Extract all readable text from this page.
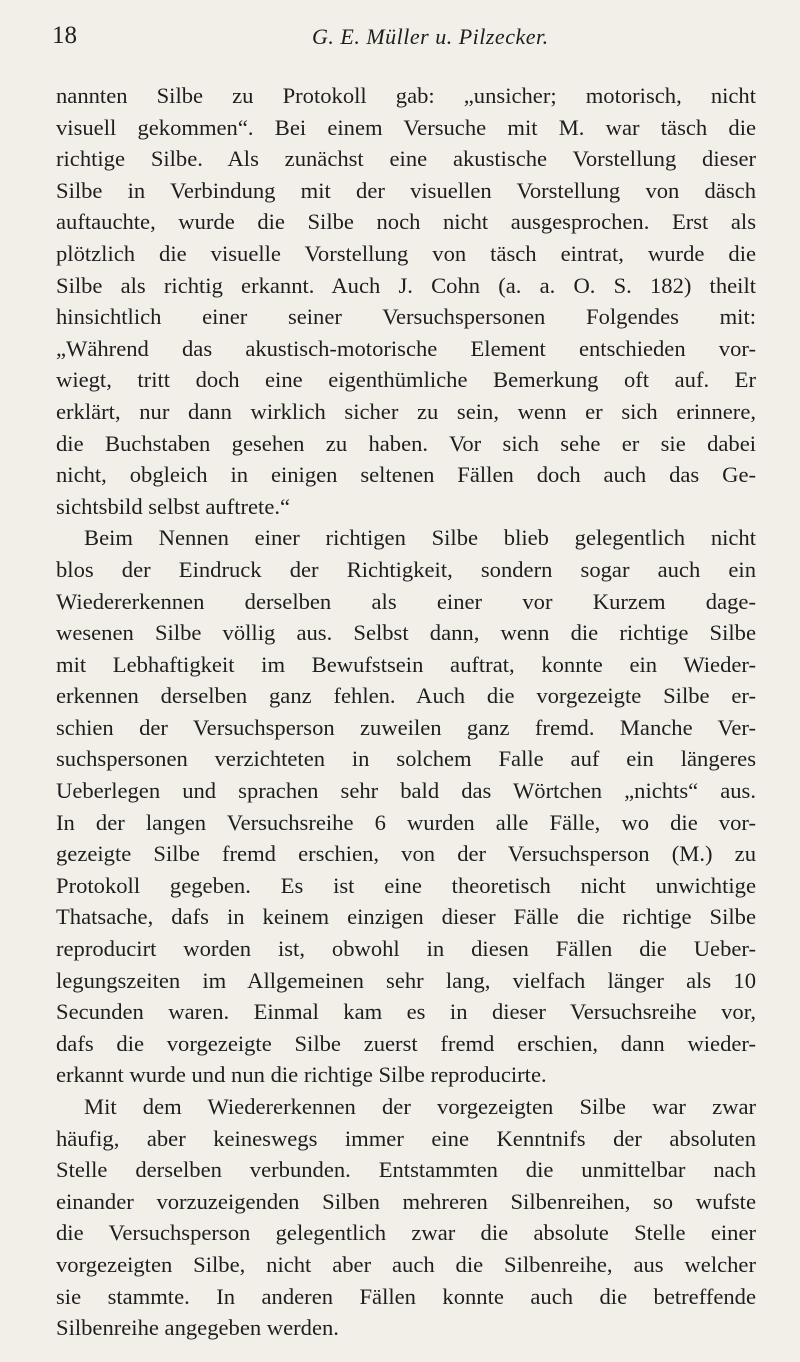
18	G. E. Müller u. Pilzecker.
nannten Silbe zu Protokoll gab: „unsicher; motorisch, nicht
visuell gekommen“. Bei einem Versuche mit M. war täsch die
richtige Silbe. Als zunächst eine akustische Vorstellung dieser
Silbe in Verbindung mit der visuellen Vorstellung von däsch
auftauchte, wurde die Silbe noch nicht ausgesprochen. Erst als
plötzlich die visuelle Vorstellung von täsch eintrat, wurde die
Silbe als richtig erkannt. Auch J. Cohn (a. a. O. S. 182) theilt
hinsichtlich einer seiner Versuchspersonen Folgendes mit:
„Während das akustisch-motorische Element entschieden vor-
wiegt, tritt doch eine eigenthümliche Bemerkung oft auf. Er
erklärt, nur dann wirklich sicher zu sein, wenn er sich erinnere,
die Buchstaben gesehen zu haben. Vor sich sehe er sie dabei
nicht, obgleich in einigen seltenen Fällen doch auch das Ge-
sichtsbild selbst auftrete.“
Beim Nennen einer richtigen Silbe blieb gelegentlich nicht
blos der Eindruck der Richtigkeit, sondern sogar auch ein
Wiedererkennen derselben als einer vor Kurzem dage-
wesenen Silbe völlig aus. Selbst dann, wenn die richtige Silbe
mit Lebhaftigkeit im Bewufstsein auftrat, konnte ein Wieder-
erkennen derselben ganz fehlen. Auch die vorgezeigte Silbe er-
schien der Versuchsperson zuweilen ganz fremd. Manche Ver-
suchspersonen verzichteten in solchem Falle auf ein längeres
Ueberlegen und sprachen sehr bald das Wörtchen „nichts“ aus.
In der langen Versuchsreihe 6 wurden alle Fälle, wo die vor-
gezeigte Silbe fremd erschien, von der Versuchsperson (M.) zu
Protokoll gegeben. Es ist eine theoretisch nicht unwichtige
Thatsache, dafs in keinem einzigen dieser Fälle die richtige Silbe
reproducirt worden ist, obwohl in diesen Fällen die Ueber-
legungszeiten im Allgemeinen sehr lang, vielfach länger als 10
Secunden waren. Einmal kam es in dieser Versuchsreihe vor,
dafs die vorgezeigte Silbe zuerst fremd erschien, dann wieder-
erkannt wurde und nun die richtige Silbe reproducirte.
Mit dem Wiedererkennen der vorgezeigten Silbe war zwar
häufig, aber keineswegs immer eine Kenntnifs der absoluten
Stelle derselben verbunden. Entstammten die unmittelbar nach
einander vorzuzeigenden Silben mehreren Silbenreihen, so wufste
die Versuchsperson gelegentlich zwar die absolute Stelle einer
vorgezeigten Silbe, nicht aber auch die Silbenreihe, aus welcher
sie stammte. In anderen Fällen konnte auch die betreffende
Silbenreihe angegeben werden.
